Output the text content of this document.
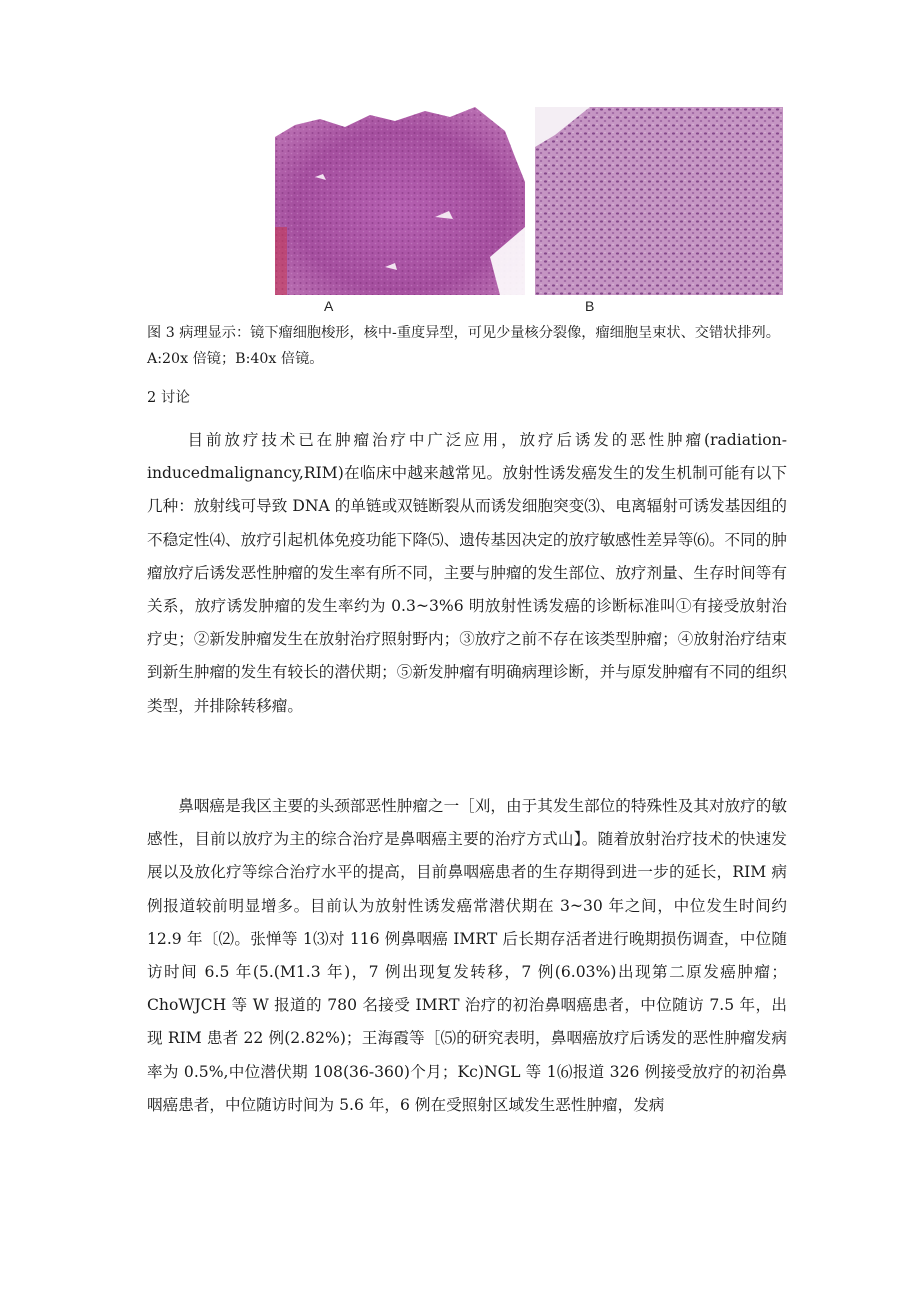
A	B
图 3 病理显示：镜下瘤细胞梭形，核中-重度异型，可见少量核分裂像，瘤细胞呈束状、交错状排列。A:20x 倍镜；B:40x 倍镜。
2 讨论

目前放疗技术已在肿瘤治疗中广泛应用，放疗后诱发的恶性肿瘤(radiation-inducedmalignancy,RIM)在临床中越来越常见。放射性诱发癌发生的发生机制可能有以下几种：放射线可导致 DNA 的单链或双链断裂从而诱发细胞突变⑶、电离辐射可诱发基因组的不稳定性⑷、放疗引起机体免疫功能下降⑸、遗传基因决定的放疗敏感性差异等⑹。不同的肿瘤放疗后诱发恶性肿瘤的发生率有所不同，主要与肿瘤的发生部位、放疗剂量、生存时间等有关系，放疗诱发肿瘤的发生率约为 0.3~3%6 明放射性诱发癌的诊断标准叫①有接受放射治疗史；②新发肿瘤发生在放射治疗照射野内；③放疗之前不存在该类型肿瘤；④放射治疗结束到新生肿瘤的发生有较长的潜伏期；⑤新发肿瘤有明确病理诊断，并与原发肿瘤有不同的组织类型，并排除转移瘤。

鼻咽癌是我区主要的头颈部恶性肿瘤之一［刈，由于其发生部位的特殊性及其对放疗的敏感性，目前以放疗为主的综合治疗是鼻咽癌主要的治疗方式山】。随着放射治疗技术的快速发展以及放化疗等综合治疗水平的提高，目前鼻咽癌患者的生存期得到进一步的延长，RIM 病例报道较前明显增多。目前认为放射性诱发癌常潜伏期在 3~30 年之间，中位发生时间约 12.9 年〔⑵。张惮等 1⑶对 116 例鼻咽癌 IMRT 后长期存活者进行晚期损伤调查，中位随访时间 6.5 年(5.(M1.3 年)，7 例出现复发转移，7 例(6.03%)出现第二原发癌肿瘤；ChoWJCH 等 W 报道的 780 名接受 IMRT 治疗的初治鼻咽癌患者，中位随访 7.5 年，出现 RIM 患者 22 例(2.82%)；王海霞等［⑸的研究表明，鼻咽癌放疗后诱发的恶性肿瘤发病率为 0.5%,中位潜伏期 108(36-360)个月；Kc)NGL 等 1⑹报道 326 例接受放疗的初治鼻咽癌患者，中位随访时间为 5.6 年，6 例在受照射区域发生恶性肿瘤，发病
